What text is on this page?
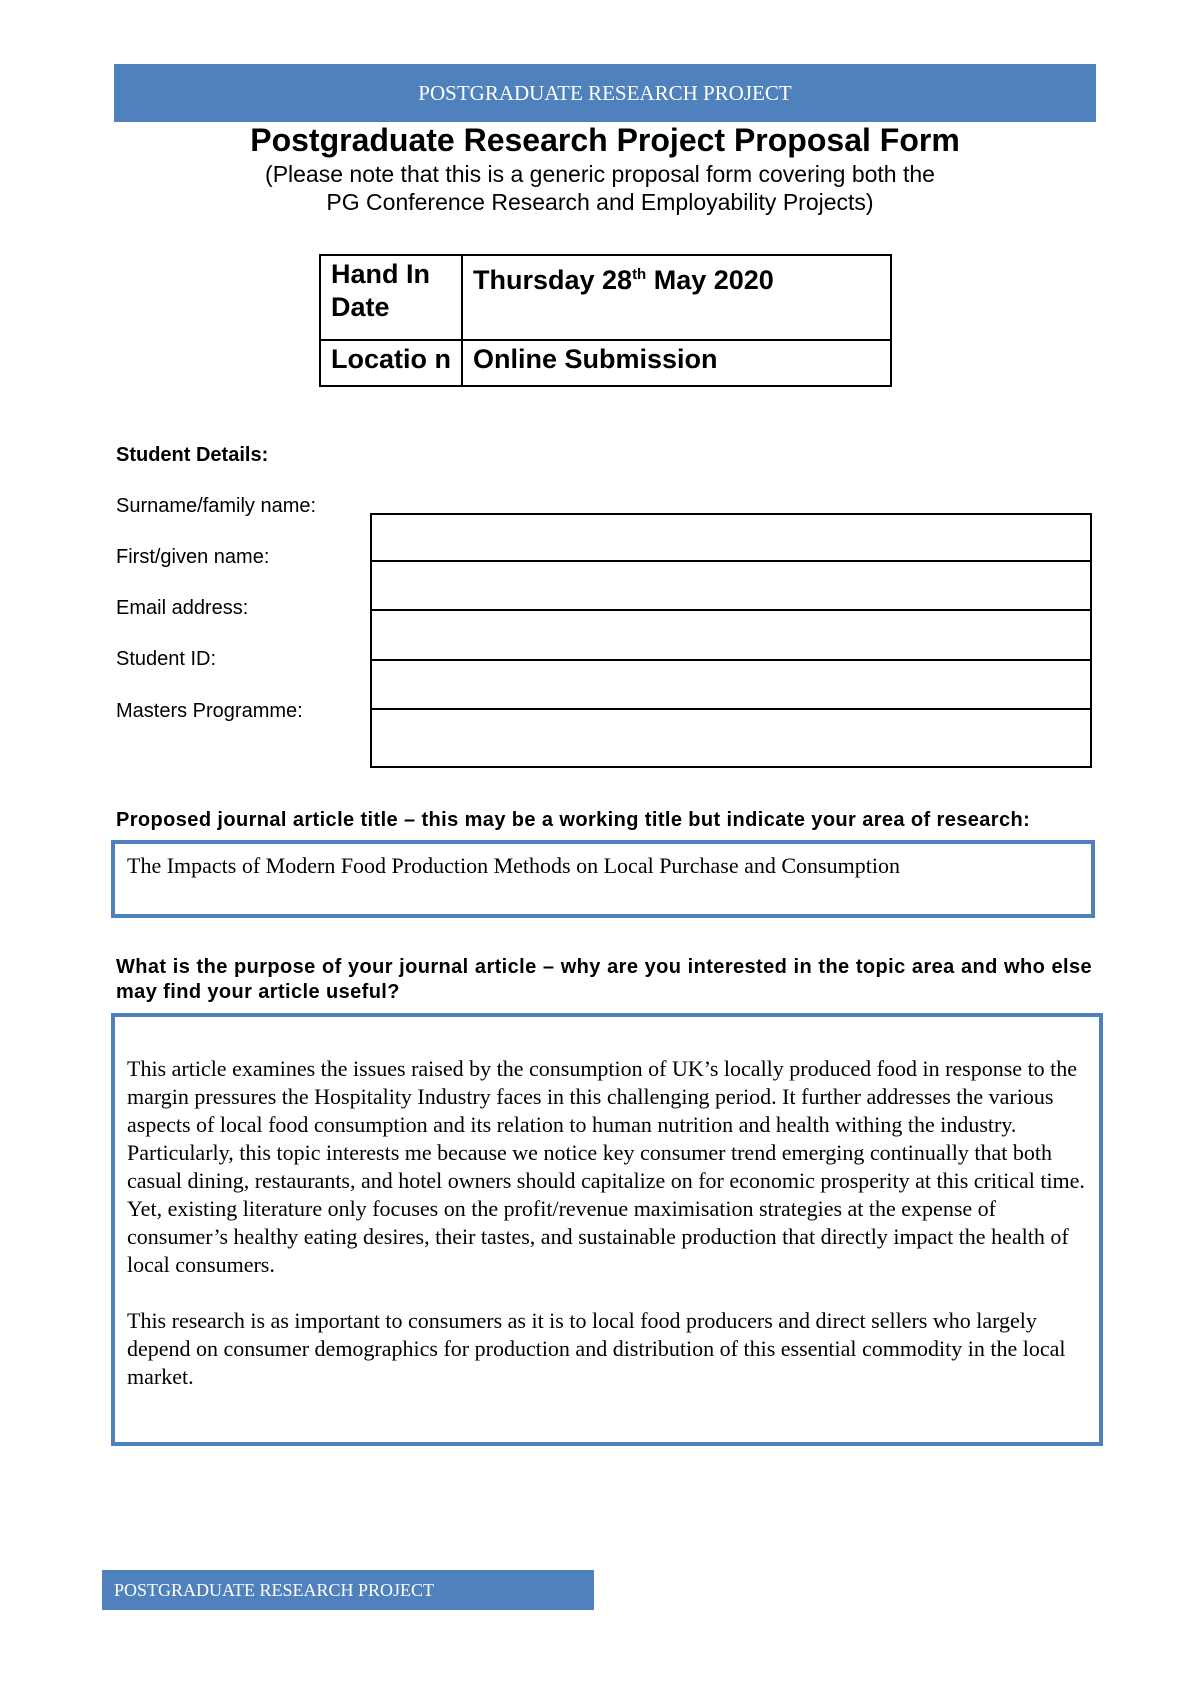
POSTGRADUATE RESEARCH PROJECT
Postgraduate Research Project Proposal Form
(Please note that this is a generic proposal form covering both the
PG Conference Research and Employability Projects)
Hand In Date	Thursday 28th May 2020
Locatio n	Online Submission
Student Details:
Surname/family name:
First/given name:
Email address:
Student ID:
Masters Programme:
Proposed journal article title – this may be a working title but indicate your area of research:
The Impacts of Modern Food Production Methods on Local Purchase and Consumption
What is the purpose of your journal article – why are you interested in the topic area and who else may find your article useful?

This article examines the issues raised by the consumption of UK’s locally produced food in response to the margin pressures the Hospitality Industry faces in this challenging period. It further addresses the various aspects of local food consumption and its relation to human nutrition and health withing the industry. Particularly, this topic interests me because we notice key consumer trend emerging continually that both casual dining, restaurants, and hotel owners should capitalize on for economic prosperity at this critical time. Yet, existing literature only focuses on the profit/revenue maximisation strategies at the expense of consumer’s healthy eating desires, their tastes, and sustainable production that directly impact the health of local consumers.

This research is as important to consumers as it is to local food producers and direct sellers who largely depend on consumer demographics for production and distribution of this essential commodity in the local market.

POSTGRADUATE RESEARCH PROJECT
